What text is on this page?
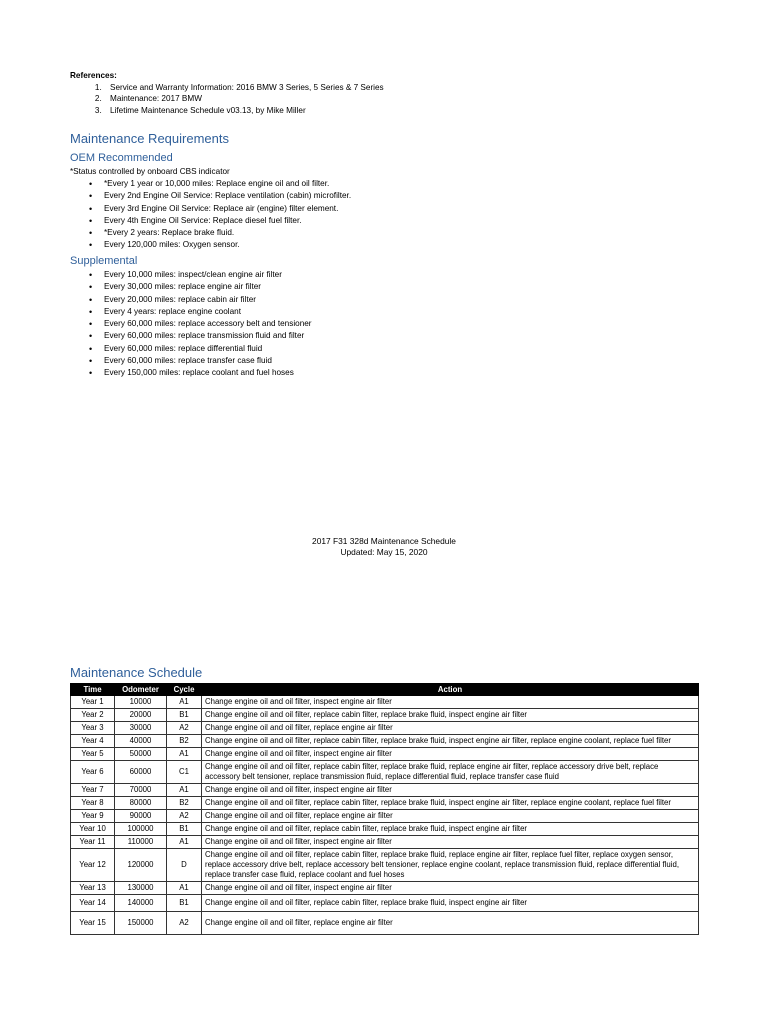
References:
1. Service and Warranty Information: 2016 BMW 3 Series, 5 Series & 7 Series
2. Maintenance: 2017 BMW
3. Lifetime Maintenance Schedule v03.13, by Mike Miller
Maintenance Requirements
OEM Recommended
*Status controlled by onboard CBS indicator
• *Every 1 year or 10,000 miles: Replace engine oil and oil filter.
• Every 2nd Engine Oil Service: Replace ventilation (cabin) microfilter.
• Every 3rd Engine Oil Service: Replace air (engine) filter element.
• Every 4th Engine Oil Service: Replace diesel fuel filter.
• *Every 2 years: Replace brake fluid.
• Every 120,000 miles: Oxygen sensor.
Supplemental
• Every 10,000 miles: inspect/clean engine air filter
• Every 30,000 miles: replace engine air filter
• Every 20,000 miles: replace cabin air filter
• Every 4 years: replace engine coolant
• Every 60,000 miles: replace accessory belt and tensioner
• Every 60,000 miles: replace transmission fluid and filter
• Every 60,000 miles: replace differential fluid
• Every 60,000 miles: replace transfer case fluid
• Every 150,000 miles: replace coolant and fuel hoses
2017 F31 328d Maintenance Schedule
Updated: May 15, 2020
Maintenance Schedule
Time	Odometer	Cycle	Action
Year 1	10000	A1	Change engine oil and oil filter, inspect engine air filter
Year 2	20000	B1	Change engine oil and oil filter, replace cabin filter, replace brake fluid, inspect engine air filter
Year 3	30000	A2	Change engine oil and oil filter, replace engine air filter
Year 4	40000	B2	Change engine oil and oil filter, replace cabin filter, replace brake fluid, inspect engine air filter, replace engine coolant, replace fuel filter
Year 5	50000	A1	Change engine oil and oil filter, inspect engine air filter
Year 6	60000	C1	Change engine oil and oil filter, replace cabin filter, replace brake fluid, replace engine air filter, replace accessory drive belt, replace accessory belt tensioner, replace transmission fluid, replace differential fluid, replace transfer case fluid
Year 7	70000	A1	Change engine oil and oil filter, inspect engine air filter
Year 8	80000	B2	Change engine oil and oil filter, replace cabin filter, replace brake fluid, inspect engine air filter, replace engine coolant, replace fuel filter
Year 9	90000	A2	Change engine oil and oil filter, replace engine air filter
Year 10	100000	B1	Change engine oil and oil filter, replace cabin filter, replace brake fluid, inspect engine air filter
Year 11	110000	A1	Change engine oil and oil filter, inspect engine air filter
Year 12	120000	D	Change engine oil and oil filter, replace cabin filter, replace brake fluid, replace engine air filter, replace fuel filter, replace oxygen sensor, replace accessory drive belt, replace accessory belt tensioner, replace engine coolant, replace transmission fluid, replace differential fluid, replace transfer case fluid, replace coolant and fuel hoses
Year 13	130000	A1	Change engine oil and oil filter, inspect engine air filter
Year 14	140000	B1	Change engine oil and oil filter, replace cabin filter, replace brake fluid, inspect engine air filter
Year 15	150000	A2	Change engine oil and oil filter, replace engine air filter
